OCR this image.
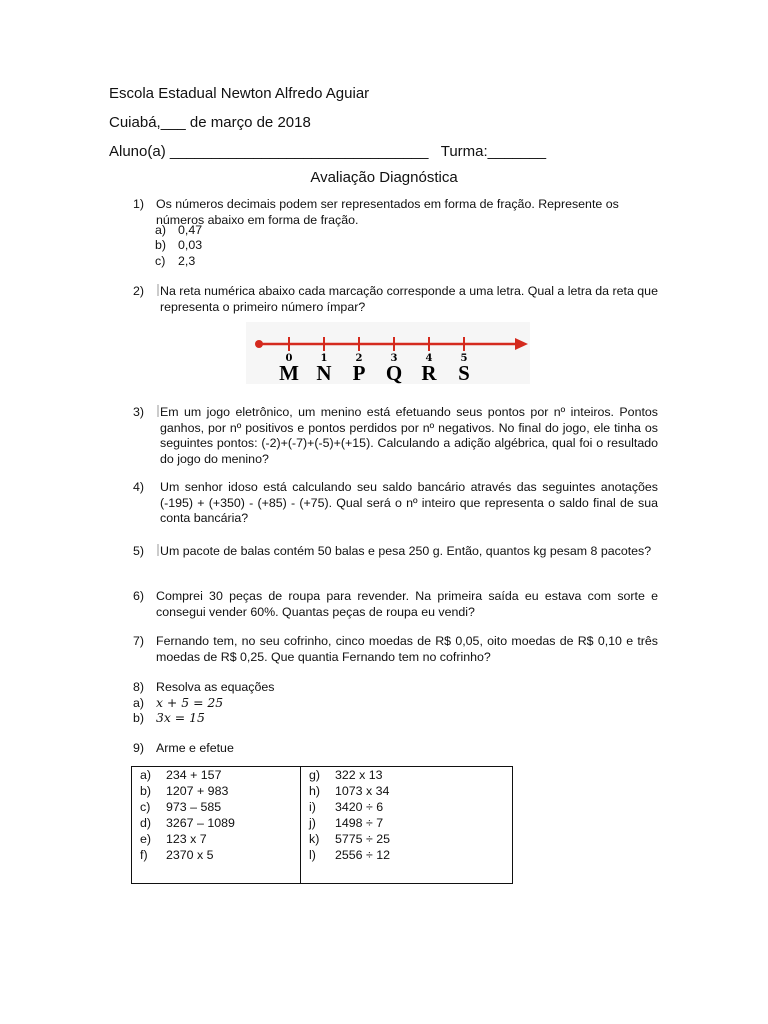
Escola Estadual Newton Alfredo Aguiar
Cuiabá,___ de março de 2018
Aluno(a) _______________________________   Turma:_______
Avaliação Diagnóstica
1) Os números decimais podem ser representados em forma de fração. Represente os números abaixo em forma de fração.
a) 0,47
b) 0,03
c) 2,3
2)	Na reta numérica abaixo cada marcação corresponde a uma letra. Qual a letra da reta que representa o primeiro número ímpar?
0	1	2	3	4	5
M N P Q R S
3)	Em um jogo eletrônico, um menino está efetuando seus pontos por nº inteiros. Pontos ganhos, por nº positivos e pontos perdidos por nº negativos. No final do jogo, ele tinha os seguintes pontos: (-2)+(-7)+(-5)+(+15). Calculando a adição algébrica, qual foi o resultado do jogo do menino?
4)	Um senhor idoso está calculando seu saldo bancário através das seguintes anotações (-195) + (+350) - (+85) - (+75). Qual será o nº inteiro que representa o saldo final de sua conta bancária?
5)	Um pacote de balas contém 50 balas e pesa 250 g. Então, quantos kg pesam 8 pacotes?
6) Comprei 30 peças de roupa para revender. Na primeira saída eu estava com sorte e consegui vender 60%. Quantas peças de roupa eu vendi?
7) Fernando tem, no seu cofrinho, cinco moedas de R$ 0,05, oito moedas de R$ 0,10 e três moedas de R$ 0,25. Que quantia Fernando tem no cofrinho?
8) Resolva as equações
a) x + 5 = 25
b) 3x = 15
9) Arme e efetue
a) 234 + 157
b) 1207 + 983
c) 973 – 585
d) 3267 – 1089
e) 123 x 7
f) 2370 x 5

g) 322 x 13
h) 1073 x 34
i) 3420 ÷ 6
j) 1498 ÷ 7
k) 5775 ÷ 25
l) 2556 ÷ 12
